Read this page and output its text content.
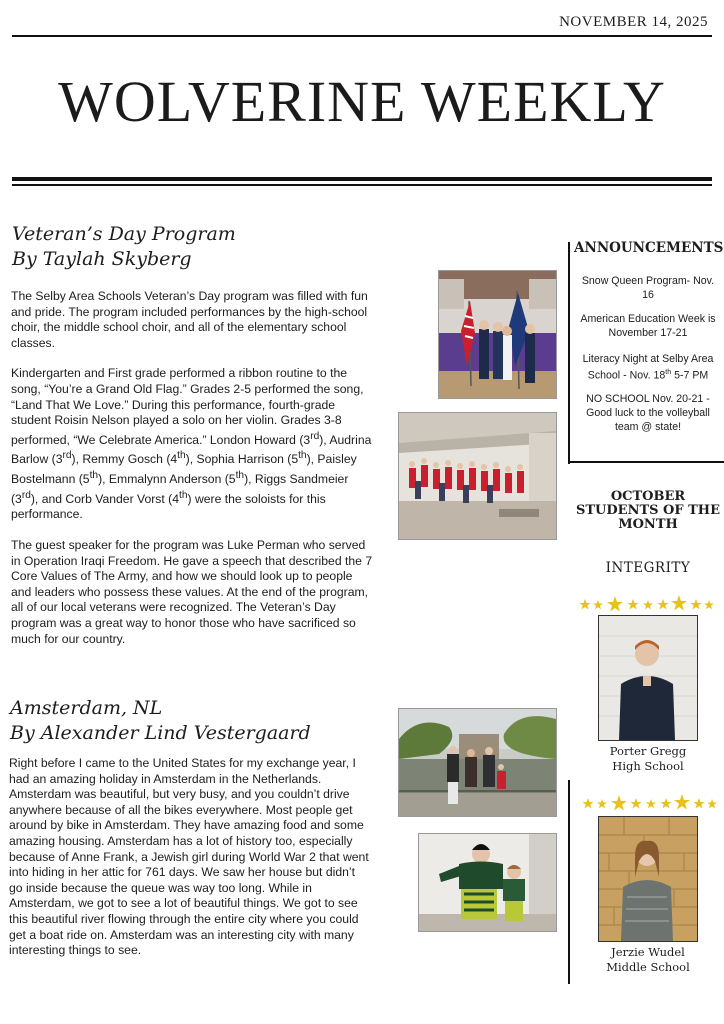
NOVEMBER 14, 2025
WOLVERINE WEEKLY
Veteran’s Day Program
By Taylah Skyberg

The Selby Area Schools Veteran’s Day program was filled with fun and pride. The program included performances by the high-school choir, the middle school choir, and all of the elementary school classes.

Kindergarten and First grade performed a ribbon routine to the song, “You’re a Grand Old Flag.” Grades 2-5 performed the song, “Land That We Love.” During this performance, fourth-grade student Roisin Nelson played a solo on her violin. Grades 3-8 performed, “We Celebrate America.” London Howard (3rd), Audrina Barlow (3rd), Remmy Gosch (4th), Sophia Harrison (5th), Paisley Bostelmann (5th), Emmalynn Anderson (5th), Riggs Sandmeier (3rd), and Corb Vander Vorst (4th) were the soloists for this performance.

The guest speaker for the program was Luke Perman who served in Operation Iraqi Freedom. He gave a speech that described the 7 Core Values of The Army, and how we should look up to people and leaders who possess these values. At the end of the program, all of our local veterans were recognized. The Veteran’s Day program was a great way to honor those who have sacrificed so much for our country.

Amsterdam, NL
By Alexander Lind Vestergaard

Right before I came to the United States for my exchange year, I had an amazing holiday in Amsterdam in the Netherlands. Amsterdam was beautiful, but very busy, and you couldn’t drive anywhere because of all the bikes everywhere. Most people get around by bike in Amsterdam. They have amazing food and some amazing housing. Amsterdam has a lot of history too, especially because of Anne Frank, a Jewish girl during World War 2 that went into hiding in her attic for 761 days. We saw her house but didn’t go inside because the queue was way too long. While in Amsterdam, we got to see a lot of beautiful things. We got to see this beautiful river flowing through the entire city where you could get a boat ride on. Amsterdam was an interesting city with many interesting things to see.

ANNOUNCEMENTS
Snow Queen Program- Nov. 16
American Education Week is November 17-21
Literacy Night at Selby Area School - Nov. 18th 5-7 PM
NO SCHOOL Nov. 20-21 - Good luck to the volleyball team @ state!
OCTOBER STUDENTS OF THE MONTH
INTEGRITY
Porter Gregg
High School
Jerzie Wudel
Middle School
